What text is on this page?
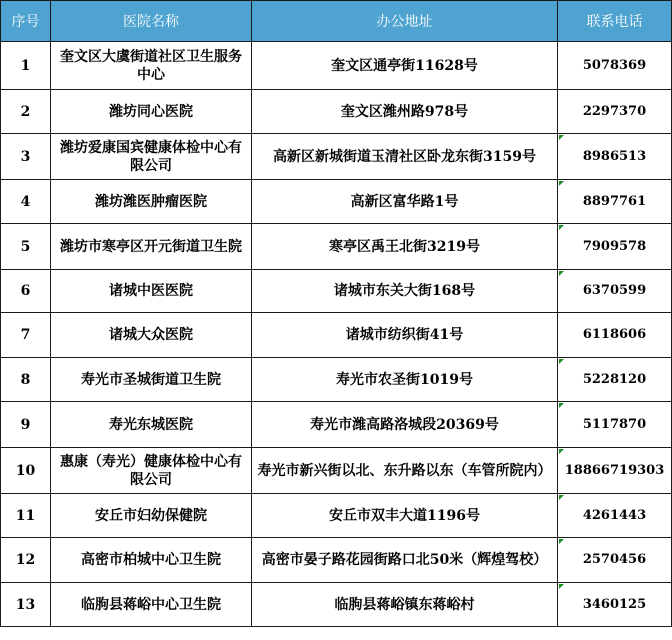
序号	医院名称	办公地址	联系电话
1	奎文区大虞街道社区卫生服务中心	奎文区通亭街11628号	5078369
2	潍坊同心医院	奎文区潍州路978号	2297370
3	潍坊爱康国宾健康体检中心有限公司	高新区新城街道玉清社区卧龙东街3159号	8986513

4	潍坊潍医肿瘤医院	高新区富华路1号	8897761

5	潍坊市寒亭区开元街道卫生院	寒亭区禹王北街3219号	7909578

6	诸城中医医院	诸城市东关大街168号	6370599

7	诸城大众医院	诸城市纺织街41号	6118606
8	寿光市圣城街道卫生院	寿光市农圣街1019号	5228120

9	寿光东城医院	寿光市潍高路洛城段20369号	5117870

10	惠康（寿光）健康体检中心有限公司	寿光市新兴街以北、东升路以东（车管所院内）	18866719303

11	安丘市妇幼保健院	安丘市双丰大道1196号	4261443

12	高密市柏城中心卫生院	高密市晏子路花园街路口北50米（辉煌驾校）	2570456

13	临朐县蒋峪中心卫生院	临朐县蒋峪镇东蒋峪村	3460125
